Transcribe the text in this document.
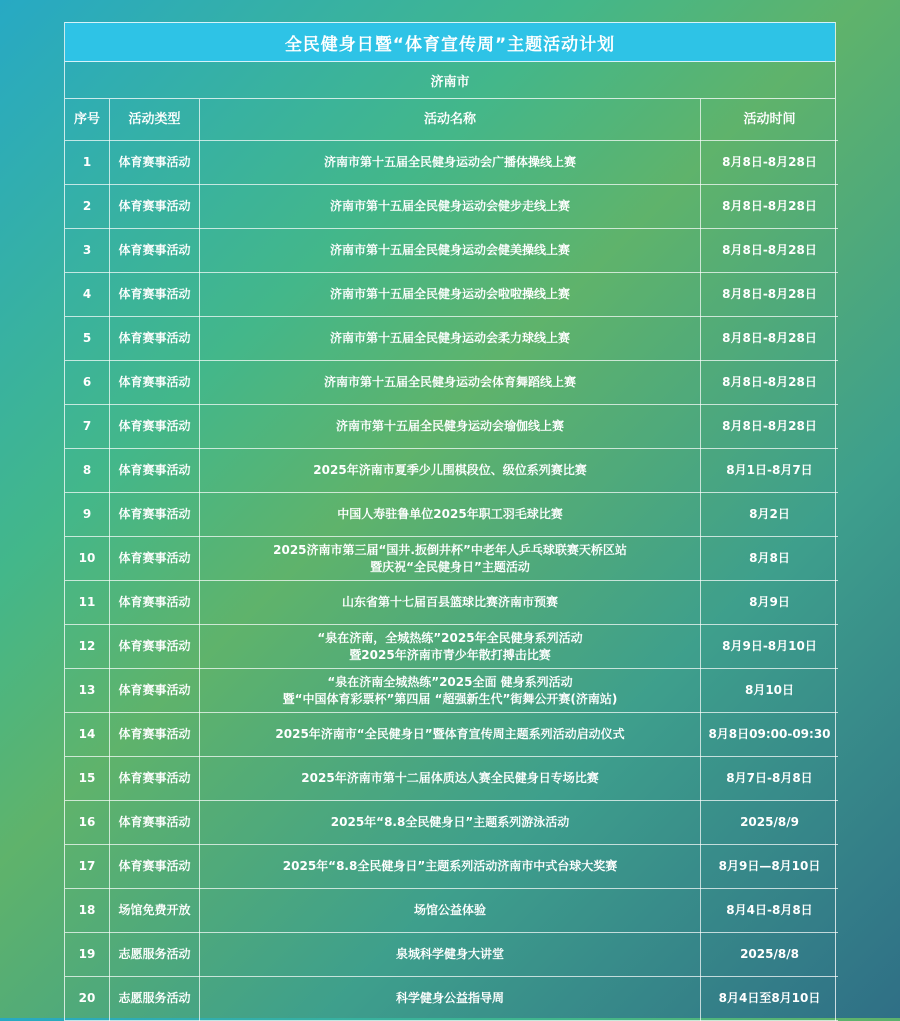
全民健身日暨“体育宣传周”主题活动计划
济南市
序号	活动类型	活动名称	活动时间
1	体育赛事活动	济南市第十五届全民健身运动会广播体操线上赛	8月8日-8月28日
2	体育赛事活动	济南市第十五届全民健身运动会健步走线上赛	8月8日-8月28日
3	体育赛事活动	济南市第十五届全民健身运动会健美操线上赛	8月8日-8月28日
4	体育赛事活动	济南市第十五届全民健身运动会啦啦操线上赛	8月8日-8月28日
5	体育赛事活动	济南市第十五届全民健身运动会柔力球线上赛	8月8日-8月28日
6	体育赛事活动	济南市第十五届全民健身运动会体育舞蹈线上赛	8月8日-8月28日
7	体育赛事活动	济南市第十五届全民健身运动会瑜伽线上赛	8月8日-8月28日
8	体育赛事活动	2025年济南市夏季少儿围棋段位、级位系列赛比赛	8月1日-8月7日
9	体育赛事活动	中国人寿驻鲁单位2025年职工羽毛球比赛	8月2日
10	体育赛事活动	2025济南市第三届“国井.扳倒井杯”中老年人乒乓球联赛天桥区站
暨庆祝“全民健身日”主题活动	8月8日
11	体育赛事活动	山东省第十七届百县篮球比赛济南市预赛	8月9日
12	体育赛事活动	“泉在济南，全城热练”2025年全民健身系列活动
暨2025年济南市青少年散打搏击比赛	8月9日-8月10日
13	体育赛事活动	“泉在济南全城热练”2025全面 健身系列活动
暨“中国体育彩票杯”第四届 “超强新生代”街舞公开赛(济南站)	8月10日
14	体育赛事活动	2025年济南市“全民健身日”暨体育宣传周主题系列活动启动仪式	8月8日09:00-09:30
15	体育赛事活动	2025年济南市第十二届体质达人赛全民健身日专场比赛	8月7日-8月8日
16	体育赛事活动	2025年“8.8全民健身日”主题系列游泳活动	2025/8/9
17	体育赛事活动	2025年“8.8全民健身日”主题系列活动济南市中式台球大奖赛	8月9日—8月10日
18	场馆免费开放	场馆公益体验	8月4日-8月8日
19	志愿服务活动	泉城科学健身大讲堂	2025/8/8
20	志愿服务活动	科学健身公益指导周	8月4日至8月10日
